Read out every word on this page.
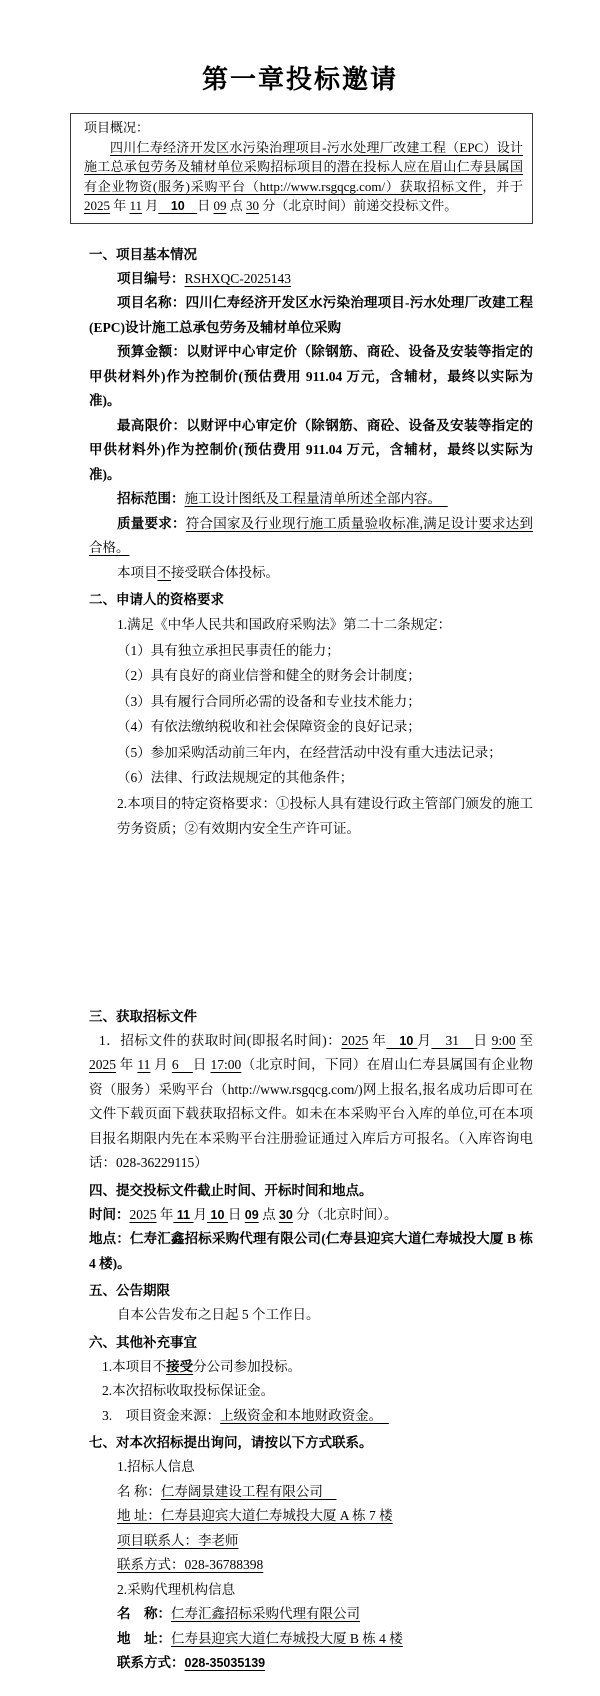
第一章投标邀请

项目概况：

四川仁寿经济开发区水污染治理项目-污水处理厂改建工程（EPC）设计施工总承包劳务及辅材单位采购招标项目的潜在投标人应在眉山仁寿县属国有企业物资(服务)采购平台（http://www.rsgqcg.com/）获取招标文件，并于 2025 年 11 月　10　日 09 点 30 分（北京时间）前递交投标文件。

一、项目基本情况

项目编号：RSHXQC-2025143

项目名称：四川仁寿经济开发区水污染治理项目-污水处理厂改建工程(EPC)设计施工总承包劳务及辅材单位采购

预算金额：以财评中心审定价（除钢筋、商砼、设备及安装等指定的甲供材料外)作为控制价(预估费用 911.04 万元，含辅材，最终以实际为准)。

最高限价：以财评中心审定价（除钢筋、商砼、设备及安装等指定的甲供材料外)作为控制价(预估费用 911.04 万元，含辅材，最终以实际为准)。

招标范围：施工设计图纸及工程量清单所述全部内容。　

质量要求：符合国家及行业现行施工质量验收标准,满足设计要求达到合格。

本项目不接受联合体投标。

二、申请人的资格要求

1.满足《中华人民共和国政府采购法》第二十二条规定：

（1）具有独立承担民事责任的能力；

（2）具有良好的商业信誉和健全的财务会计制度；

（3）具有履行合同所必需的设备和专业技术能力；

（4）有依法缴纳税收和社会保障资金的良好记录；

（5）参加采购活动前三年内，在经营活动中没有重大违法记录；

（6）法律、行政法规规定的其他条件；

2.本项目的特定资格要求：①投标人具有建设行政主管部门颁发的施工劳务资质；②有效期内安全生产许可证。

三、获取招标文件

1．招标文件的获取时间(即报名时间)：2025 年　10 月　31　日 9:00 至 2025 年 11 月 6　日 17:00（北京时间，下同）在眉山仁寿县属国有企业物资（服务）采购平台（http://www.rsgqcg.com/)网上报名,报名成功后即可在文件下载页面下载获取招标文件。如未在本采购平台入库的单位,可在本项目报名期限内先在本采购平台注册验证通过入库后方可报名。（入库咨询电话：028-36229115）

四、提交投标文件截止时间、开标时间和地点。

时间：2025 年 11 月 10 日 09 点 30 分（北京时间）。

地点：仁寿汇鑫招标采购代理有限公司(仁寿县迎宾大道仁寿城投大厦 B 栋 4 楼)。

五、公告期限

自本公告发布之日起 5 个工作日。

六、其他补充事宜

1.本项目不接受分公司参加投标。

2.本次招标收取投标保证金。

3.　项目资金来源：上级资金和本地财政资金。　

七、对本次招标提出询问，请按以下方式联系。

1.招标人信息

名 称：仁寿阔景建设工程有限公司　

地 址：仁寿县迎宾大道仁寿城投大厦 A 栋 7 楼

项目联系人：李老师

联系方式：028-36788398

2.采购代理机构信息

名　称：仁寿汇鑫招标采购代理有限公司

地　址：仁寿县迎宾大道仁寿城投大厦 B 栋 4 楼

联系方式：028-35035139
